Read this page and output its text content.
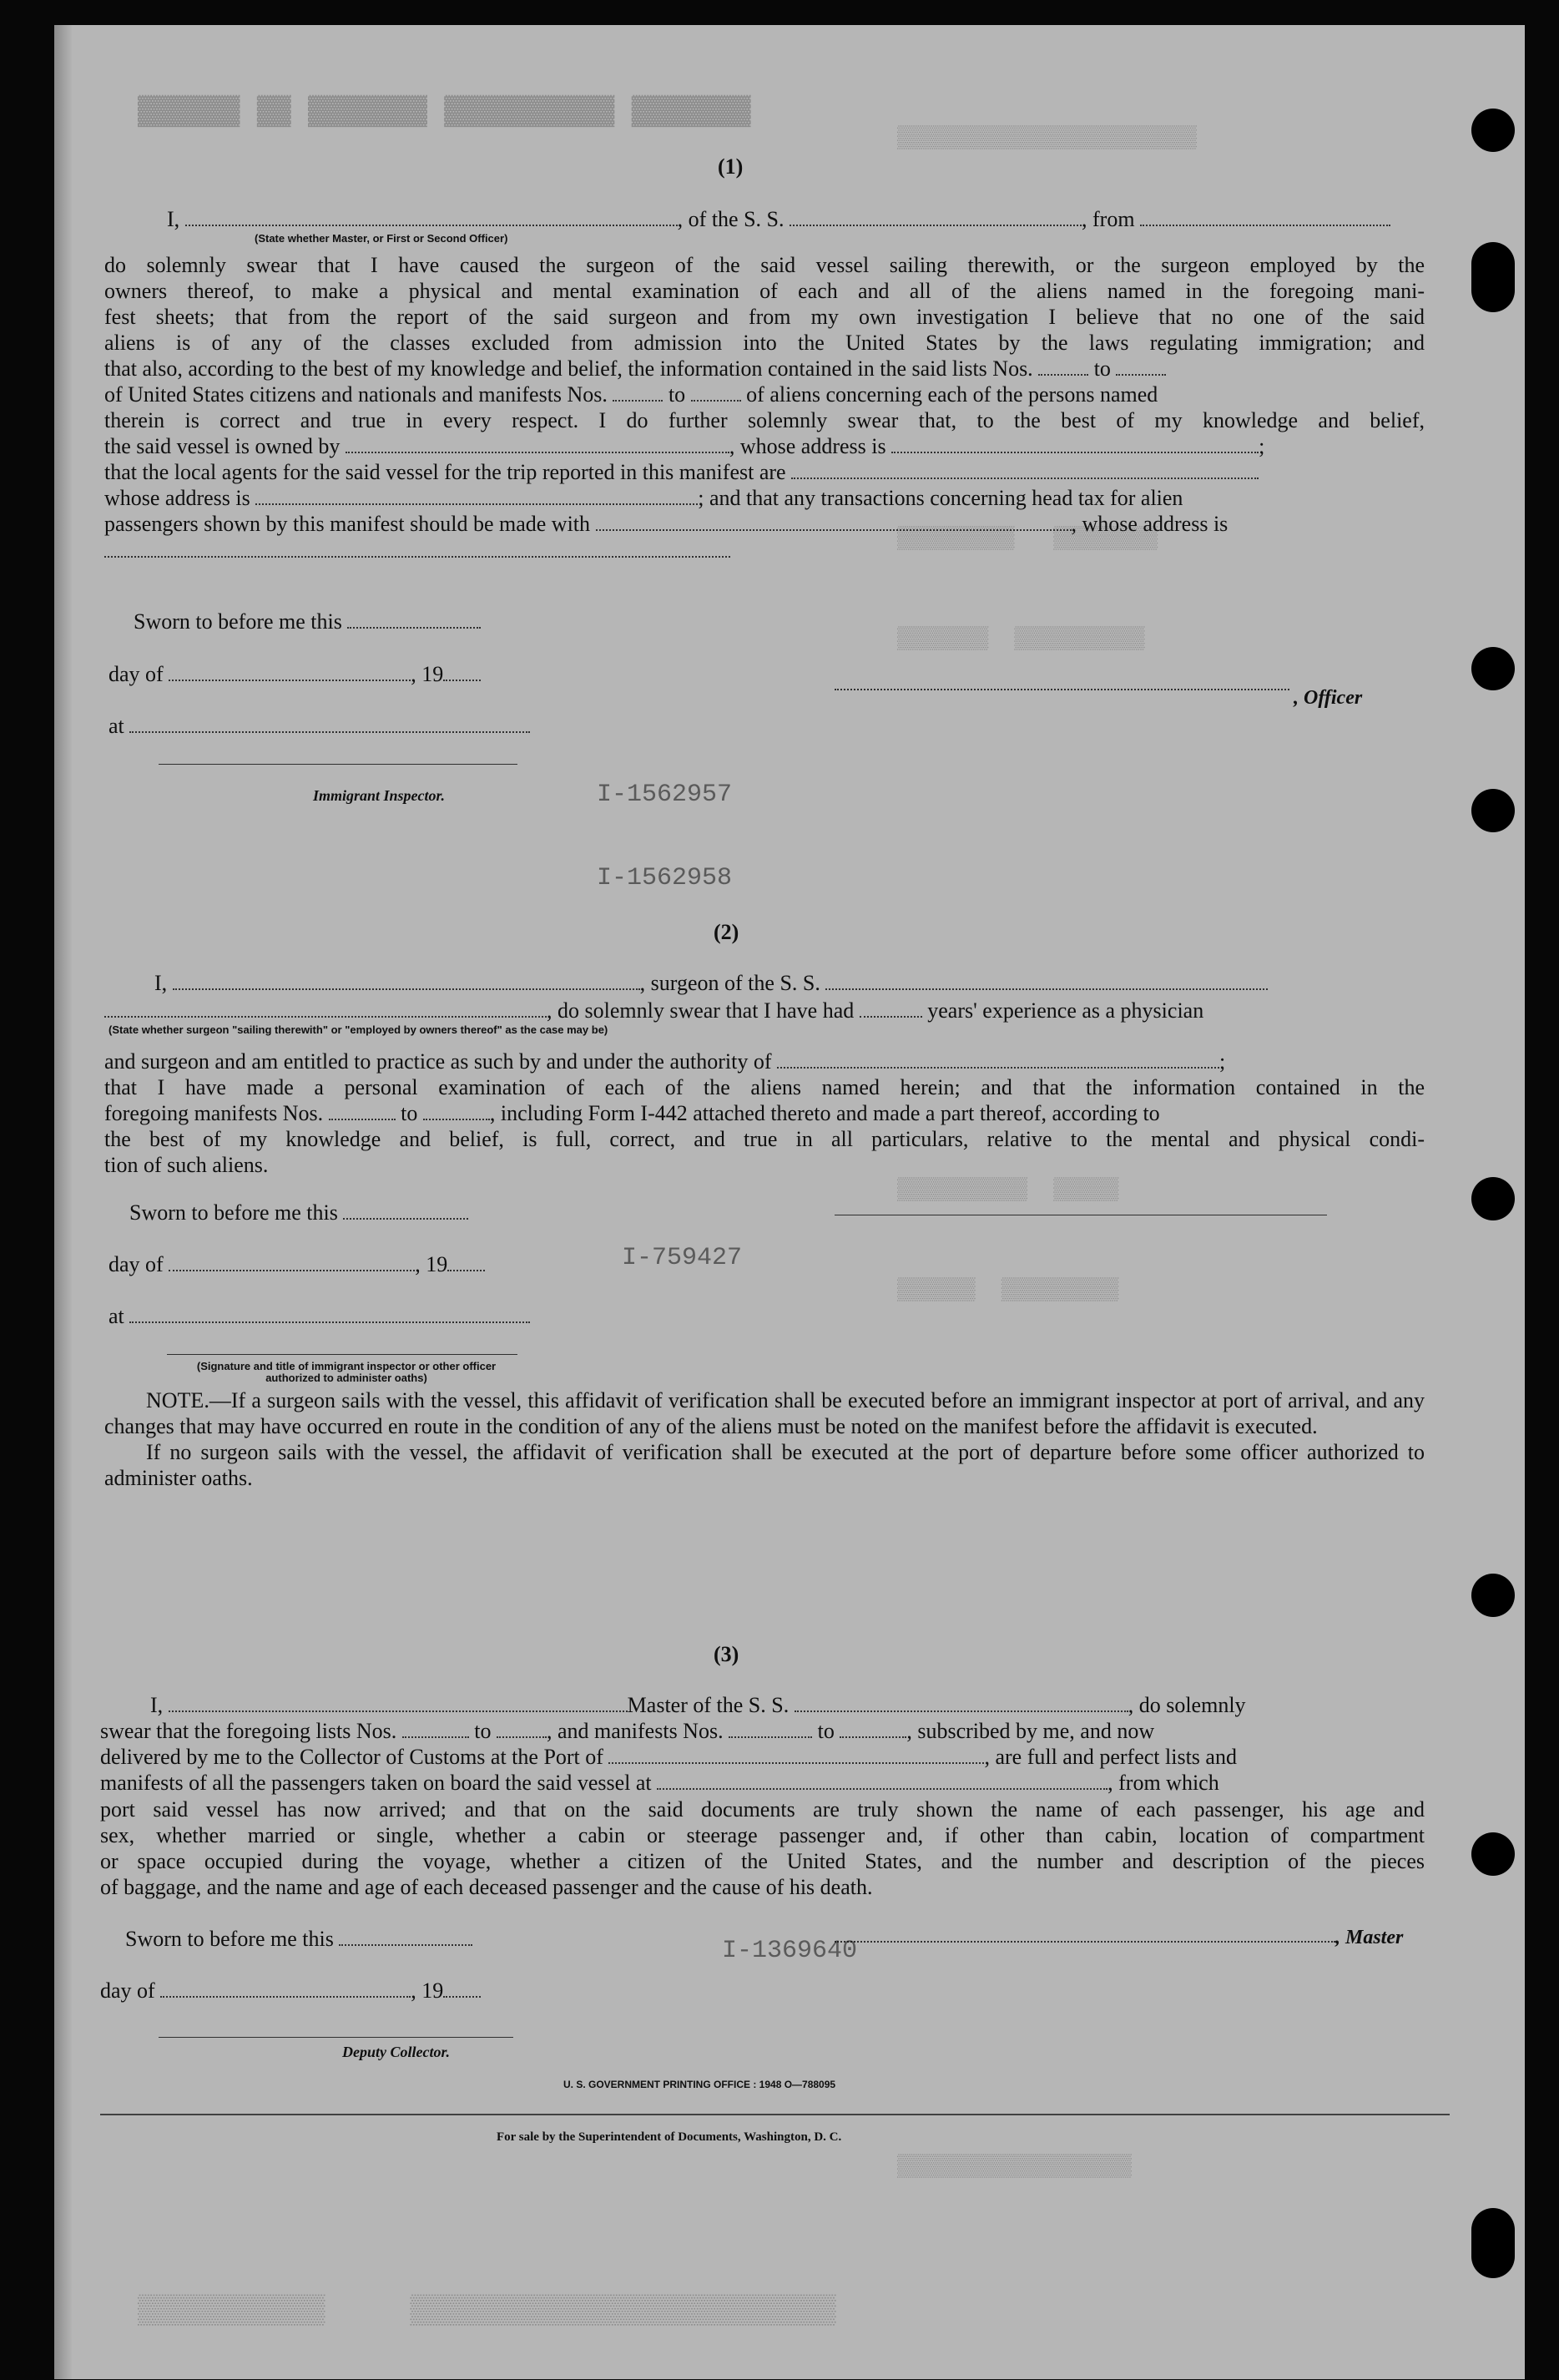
▓▓▓▓▓▓ ▓▓ ▓▓▓▓▓▓▓ ▓▓▓▓▓▓▓▓▓▓ ▓▓▓▓▓▓▓
▒▒▒▒▒▒▒▒▒▒▒▒▒▒▒▒▒▒▒▒▒▒▒
▒▒▒▒▒▒▒▒▒   ▒▒▒▒▒▒▒▒
▒▒▒▒▒▒▒  ▒▒▒▒▒▒▒▒▒▒
▒▒▒▒▒▒▒▒▒▒  ▒▒▒▒▒
▒▒▒▒▒▒  ▒▒▒▒▒▒▒▒▒
▒▒▒▒▒▒▒▒▒▒▒▒▒▒▒▒▒▒
▒▒▒▒▒▒▒▒▒▒▒     ▒▒▒▒▒▒▒▒▒▒▒▒▒▒▒▒▒▒▒▒▒▒▒▒▒
(1)
I,	, of the S. S.	, from
(State whether Master, or First or Second Officer)
do solemnly swear that I have caused the surgeon of the said vessel sailing therewith, or the surgeon employed by the
owners thereof, to make a physical and mental examination of each and all of the aliens named in the foregoing mani-
fest sheets; that from the report of the said surgeon and from my own investigation I believe that no one of the said
aliens is of any of the classes excluded from admission into the United States by the laws regulating immigration; and
that also, according to the best of my knowledge and belief, the information contained in the said lists Nos.	to
of United States citizens and nationals and manifests Nos.	to	of aliens concerning each of the persons named
therein is correct and true in every respect. I do further solemnly swear that, to the best of my knowledge and belief,
the said vessel is owned by	, whose address is	;
that the local agents for the said vessel for the trip reported in this manifest are
whose address is	; and that any transactions concerning head tax for alien
passengers shown by this manifest should be made with	, whose address is
Sworn to before me this
day of	, 19
at
, Officer
Immigrant Inspector.
(2)
I,	, surgeon of the S. S.
, do solemnly swear that I have had	years' experience as a physician
(State whether surgeon "sailing therewith" or "employed by owners thereof" as the case may be)
and surgeon and am entitled to practice as such by and under the authority of	;
that I have made a personal examination of each of the aliens named herein; and that the information contained in the
foregoing manifests Nos.	to	, including Form I-442 attached thereto and made a part thereof, according to
the best of my knowledge and belief, is full, correct, and true in all particulars, relative to the mental and physical condi-
tion of such aliens.
Sworn to before me this
day of	, 19
at
(Signature and title of immigrant inspector or other officer authorized to administer oaths)
NOTE.—If a surgeon sails with the vessel, this affidavit of verification shall be executed before an immigrant inspector at port of arrival, and any changes that may have occurred en route in the condition of any of the aliens must be noted on the manifest before the affidavit is executed.
If no surgeon sails with the vessel, the affidavit of verification shall be executed at the port of departure before some officer authorized to administer oaths.
(3)
I,	Master of the S. S.	, do solemnly
swear that the foregoing lists Nos.	to	, and manifests Nos.	to	, subscribed by me, and now
delivered by me to the Collector of Customs at the Port of	, are full and perfect lists and
manifests of all the passengers taken on board the said vessel at	, from which
port said vessel has now arrived; and that on the said documents are truly shown the name of each passenger, his age and
sex, whether married or single, whether a cabin or steerage passenger and, if other than cabin, location of compartment
or space occupied during the voyage, whether a citizen of the United States, and the number and description of the pieces
of baggage, and the name and age of each deceased passenger and the cause of his death.
Sworn to before me this	, Master
day of	, 19
Deputy Collector.
U. S. GOVERNMENT PRINTING OFFICE : 1948 O—788095
For sale by the Superintendent of Documents, Washington, D. C.
I-1562957
I-1562958
I-759427
I-1369640
